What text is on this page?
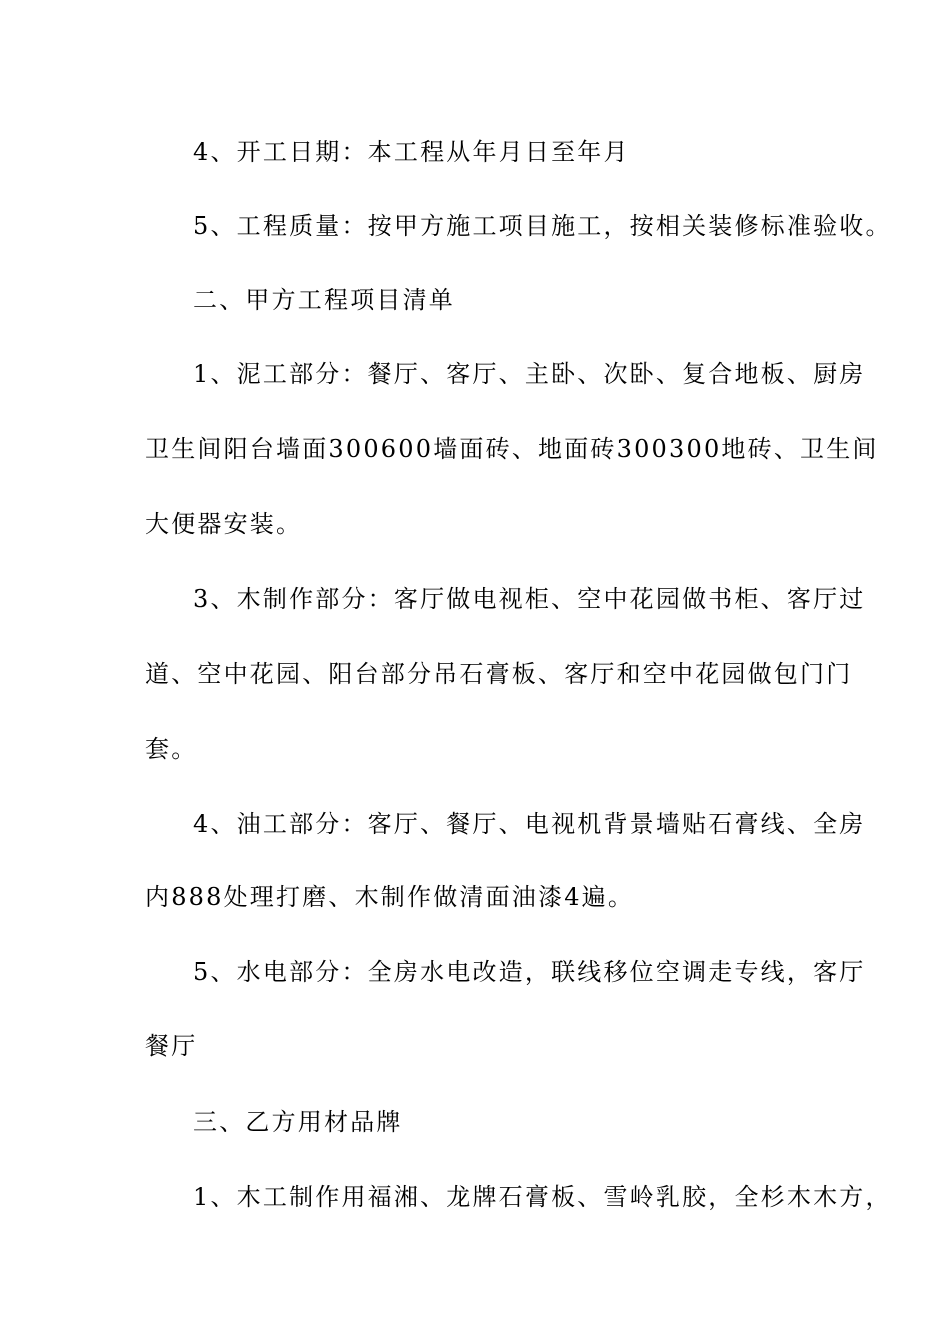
4、开工日期：本工程从年月日至年月
5、工程质量：按甲方施工项目施工，按相关装修标准验收。
二、甲方工程项目清单
1、泥工部分：餐厅、客厅、主卧、次卧、复合地板、厨房
卫生间阳台墙面300600墙面砖、地面砖300300地砖、卫生间
大便器安装。
3、木制作部分：客厅做电视柜、空中花园做书柜、客厅过
道、空中花园、阳台部分吊石膏板、客厅和空中花园做包门门
套。
4、油工部分：客厅、餐厅、电视机背景墙贴石膏线、全房
内888处理打磨、木制作做清面油漆4遍。
5、水电部分：全房水电改造，联线移位空调走专线，客厅
餐厅
三、乙方用材品牌
1、木工制作用福湘、龙牌石膏板、雪岭乳胶，全杉木木方，
